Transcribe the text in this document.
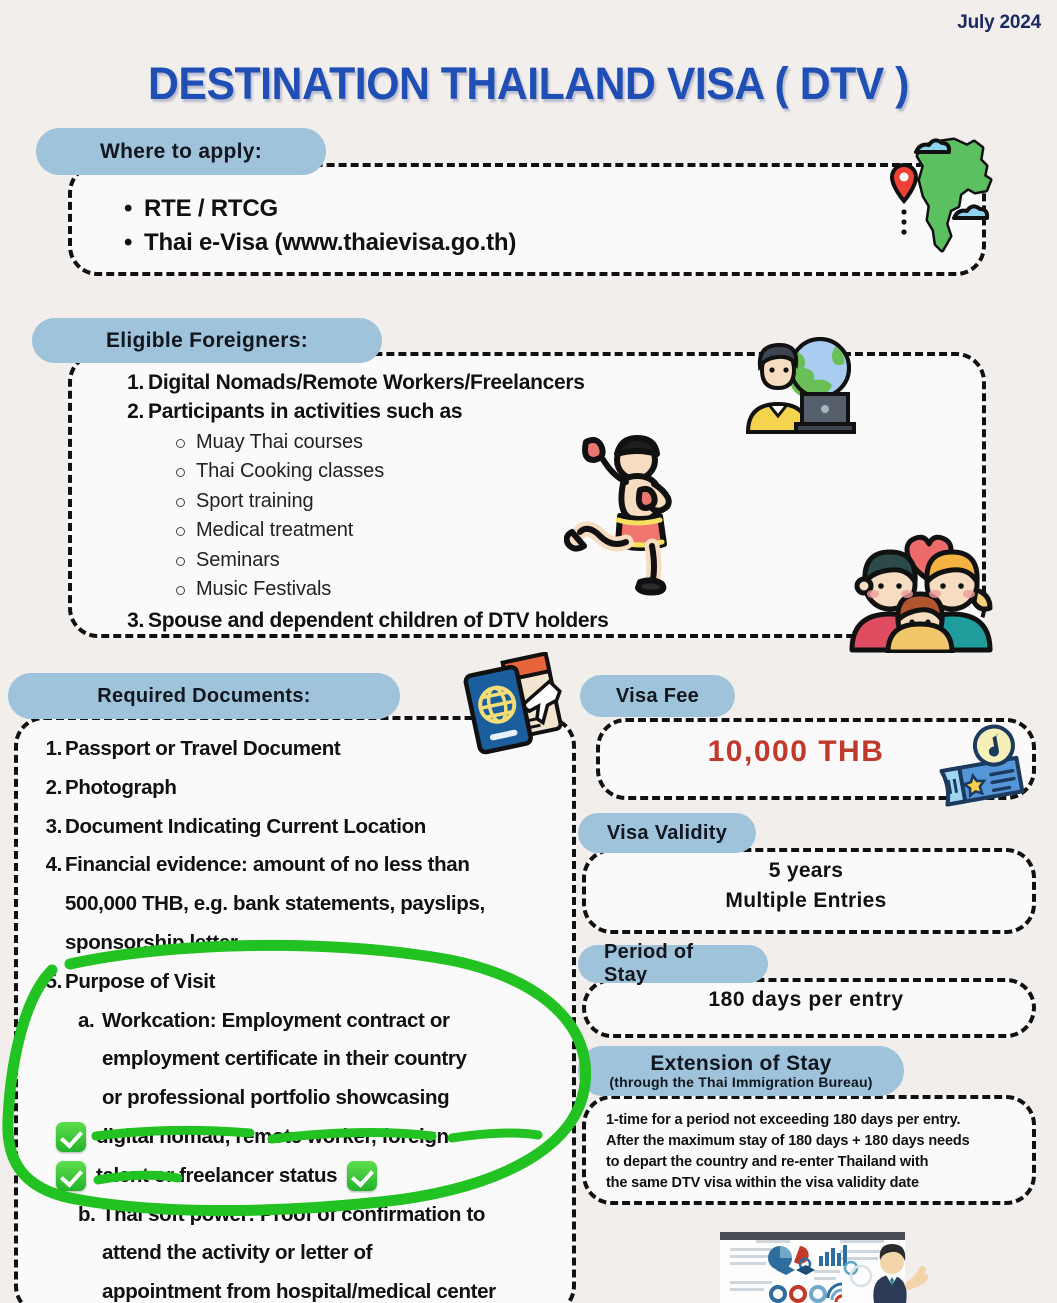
July 2024
DESTINATION THAILAND VISA ( DTV )
Where to apply:
• RTE / RTCG
• Thai e-Visa (www.thaievisa.go.th)
Eligible Foreigners:
1. Digital Nomads/Remote Workers/Freelancers
2. Participants in activities such as
Muay Thai courses
Thai Cooking classes
Sport training
Medical treatment
Seminars
Music Festivals
3. Spouse and dependent children of DTV holders
Required Documents:
1. Passport or Travel Document
2. Photograph
3. Document Indicating Current Location
4. Financial evidence: amount of no less than
500,000 THB, e.g. bank statements, payslips,
sponsorship letter
5. Purpose of Visit
a. Workcation: Employment contract or
employment certificate in their country
or professional portfolio showcasing
digital nomad, remote worker, foreign
talent or freelancer status
b. Thai soft power: Proof of confirmation to
attend the activity or letter of
appointment from hospital/medical center
Visa Fee
10,000 THB
Visa Validity
5 years
Multiple Entries
Period of Stay
180 days per entry
Extension of Stay
(through the Thai Immigration Bureau)
1-time for a period not exceeding 180 days per entry.
After the maximum stay of 180 days + 180 days needs
to depart the country and re-enter Thailand with
the same DTV visa within the visa validity date
